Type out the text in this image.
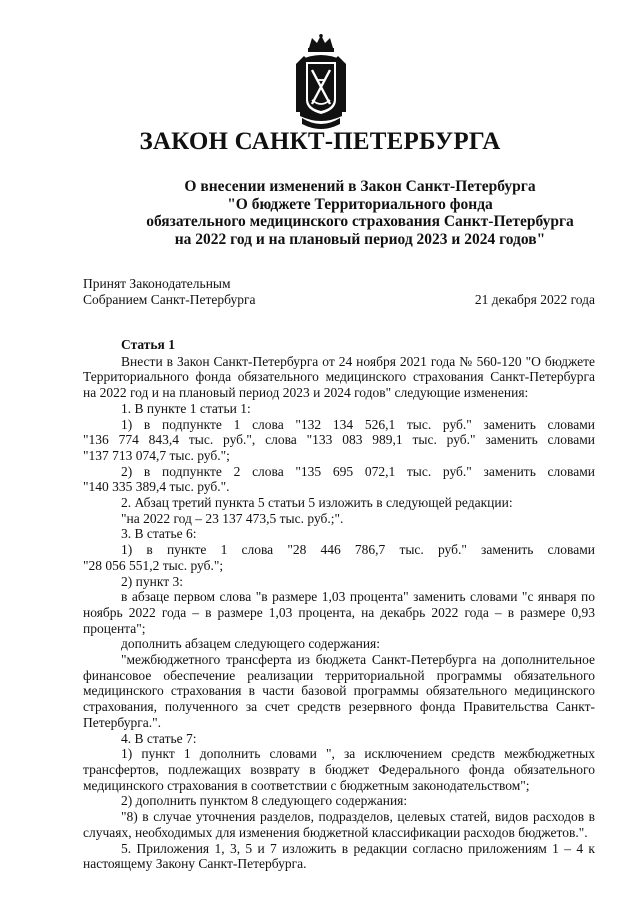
ЗАКОН САНКТ-ПЕТЕРБУРГА
О внесении изменений в Закон Санкт-Петербурга
"О бюджете Территориального фонда
обязательного медицинского страхования Санкт-Петербурга
на 2022 год и на плановый период 2023 и 2024 годов"
Принят Законодательным
Собранием Санкт-Петербурга	21 декабря 2022 года
Статья 1

Внести в Закон Санкт-Петербурга от 24 ноября 2021 года № 560-120 "О бюджете Территориального фонда обязательного медицинского страхования Санкт-Петербурга на 2022 год и на плановый период 2023 и 2024 годов" следующие изменения:

1. В пункте 1 статьи 1:

1) в подпункте 1 слова "132 134 526,1 тыс. руб." заменить словами

"136 774 843,4 тыс. руб.", слова "133 083 989,1 тыс. руб." заменить словами

"137 713 074,7 тыс. руб.";

2) в подпункте 2 слова "135 695 072,1 тыс. руб." заменить словами

"140 335 389,4 тыс. руб.".

2. Абзац третий пункта 5 статьи 5 изложить в следующей редакции:

"на 2022 год – 23 137 473,5 тыс. руб.;".

3. В статье 6:

1) в пункте 1 слова "28 446 786,7 тыс. руб." заменить словами

"28 056 551,2 тыс. руб.";

2) пункт 3:

в абзаце первом слова "в размере 1,03 процента" заменить словами "с января по ноябрь 2022 года – в размере 1,03 процента, на декабрь 2022 года – в размере 0,93 процента";

дополнить абзацем следующего содержания:

"межбюджетного трансферта из бюджета Санкт-Петербурга на дополнительное финансовое обеспечение реализации территориальной программы обязательного медицинского страхования в части базовой программы обязательного медицинского страхования, полученного за счет средств резервного фонда Правительства Санкт-Петербурга.".

4. В статье 7:

1) пункт 1 дополнить словами ", за исключением средств межбюджетных трансфертов, подлежащих возврату в бюджет Федерального фонда обязательного медицинского страхования в соответствии с бюджетным законодательством";

2) дополнить пунктом 8 следующего содержания:

"8) в случае уточнения разделов, подразделов, целевых статей, видов расходов в случаях, необходимых для изменения бюджетной классификации расходов бюджетов.".

5. Приложения 1, 3, 5 и 7 изложить в редакции согласно приложениям 1 – 4 к настоящему Закону Санкт-Петербурга.
